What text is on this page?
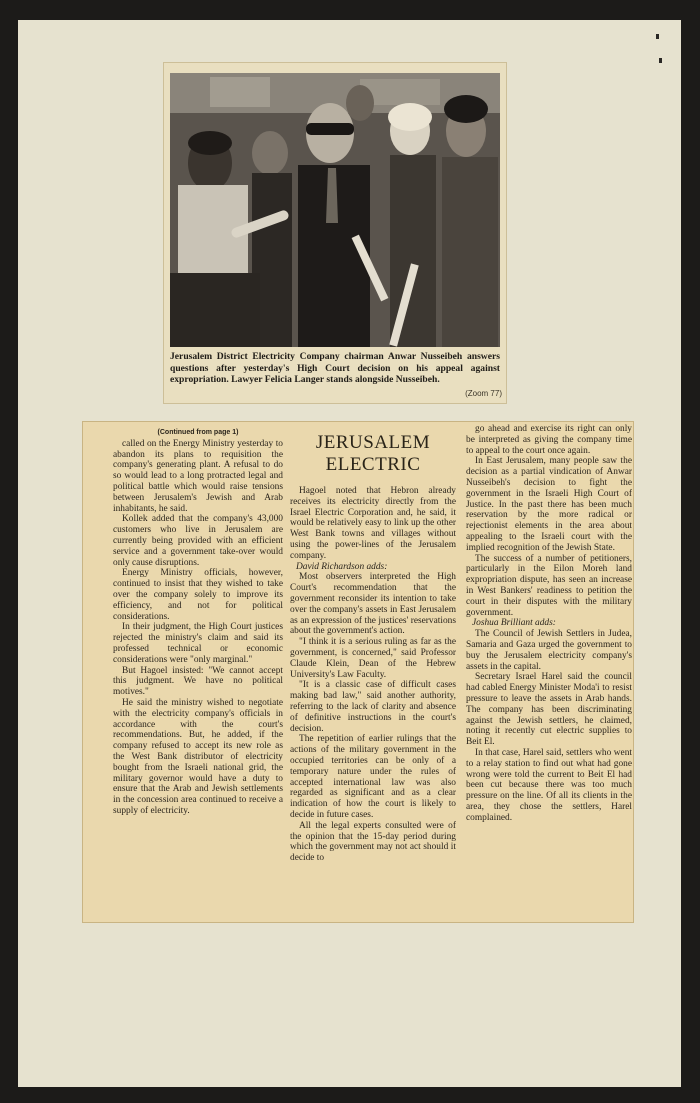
Jerusalem District Electricity Company chairman Anwar Nusseibeh answers questions after yesterday's High Court decision on his appeal against expropriation. Lawyer Felicia Langer stands alongside Nusseibeh.
(Zoom 77)

(Continued from page 1)

called on the Energy Ministry yesterday to abandon its plans to requisition the company's generating plant. A refusal to do so would lead to a long protracted legal and political battle which would raise tensions between Jerusalem's Jewish and Arab inhabitants, he said.

Kollek added that the company's 43,000 customers who live in Jerusalem are currently being provided with an efficient service and a government take-over would only cause disruptions.

Energy Ministry officials, however, continued to insist that they wished to take over the company solely to improve its efficiency, and not for political considerations.

In their judgment, the High Court justices rejected the ministry's claim and said its professed technical or economic considerations were "only marginal."

But Hagoel insisted: "We cannot accept this judgment. We have no political motives."

He said the ministry wished to negotiate with the electricity company's officials in accordance with the court's recommendations. But, he added, if the company refused to accept its new role as the West Bank distributor of electricity bought from the Israeli national grid, the military governor would have a duty to ensure that the Arab and Jewish settlements in the concession area continued to receive a supply of electricity.

JERUSALEM ELECTRIC

Hagoel noted that Hebron already receives its electricity directly from the Israel Electric Corporation and, he said, it would be relatively easy to link up the other West Bank towns and villages without using the power-lines of the Jerusalem company.

David Richardson adds:

Most observers interpreted the High Court's recommendation that the government reconsider its intention to take over the company's assets in East Jerusalem as an expression of the justices' reservations about the government's action.

"I think it is a serious ruling as far as the government, is concerned," said Professor Claude Klein, Dean of the Hebrew University's Law Faculty.

"It is a classic case of difficult cases making bad law," said another authority, referring to the lack of clarity and absence of definitive instructions in the court's decision.

The repetition of earlier rulings that the actions of the military government in the occupied territories can be only of a temporary nature under the rules of accepted international law was also regarded as significant and as a clear indication of how the court is likely to decide in future cases.

All the legal experts consulted were of the opinion that the 15-day period during which the government may not act should it decide to

go ahead and exercise its right can only be interpreted as giving the company time to appeal to the court once again.

In East Jerusalem, many people saw the decision as a partial vindication of Anwar Nusseibeh's decision to fight the government in the Israeli High Court of Justice. In the past there has been much reservation by the more radical or rejectionist elements in the area about appealing to the Israeli court with the implied recognition of the Jewish State.

The success of a number of petitioners, particularly in the Eilon Moreh land expropriation dispute, has seen an increase in West Bankers' readiness to petition the court in their disputes with the military government.

Joshua Brilliant adds:

The Council of Jewish Settlers in Judea, Samaria and Gaza urged the government to buy the Jerusalem electricity company's assets in the capital.

Secretary Israel Harel said the council had cabled Energy Minister Moda'i to resist pressure to leave the assets in Arab hands. The company has been discriminating against the Jewish settlers, he claimed, noting it recently cut electric supplies to Beit El.

In that case, Harel said, settlers who went to a relay station to find out what had gone wrong were told the current to Beit El had been cut because there was too much pressure on the line. Of all its clients in the area, they chose the settlers, Harel complained.
